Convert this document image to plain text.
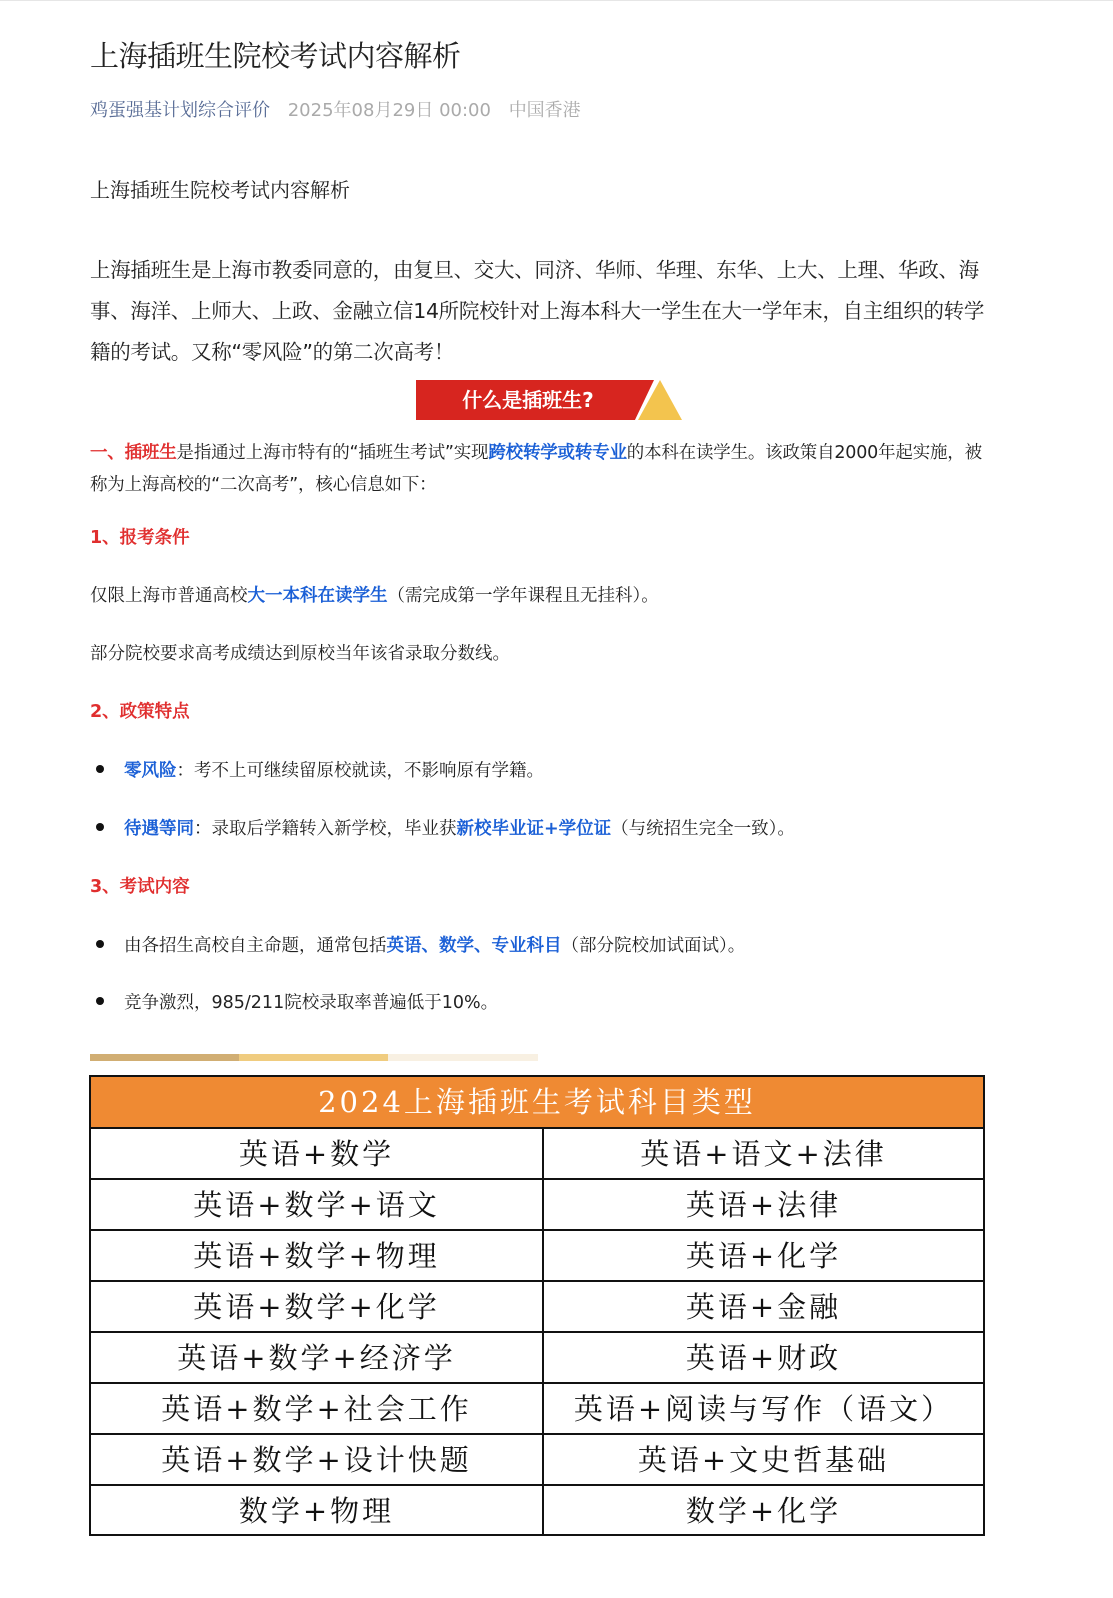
上海插班生院校考试内容解析
鸡蛋强基计划综合评价 2025年08月29日 00:00 中国香港
上海插班生院校考试内容解析
上海插班生是上海市教委同意的，由复旦、交大、同济、华师、华理、东华、上大、上理、华政、海事、海洋、上师大、上政、金融立信14所院校针对上海本科大一学生在大一学年末，自主组织的转学籍的考试。又称“零风险”的第二次高考！
什么是插班生?
一、插班生是指通过上海市特有的“插班生考试”实现跨校转学或转专业的本科在读学生。该政策自2000年起实施，被称为上海高校的“二次高考”，核心信息如下：
1、报考条件
仅限上海市普通高校大一本科在读学生（需完成第一学年课程且无挂科）。
部分院校要求高考成绩达到原校当年该省录取分数线。
2、政策特点
零风险：考不上可继续留原校就读，不影响原有学籍。
待遇等同：录取后学籍转入新学校，毕业获新校毕业证+学位证（与统招生完全一致）。
3、考试内容
由各招生高校自主命题，通常包括英语、数学、专业科目（部分院校加试面试）。
竞争激烈，985/211院校录取率普遍低于10%。
2024上海插班生考试科目类型
英语+数学	英语+语文+法律
英语+数学+语文	英语+法律
英语+数学+物理	英语+化学
英语+数学+化学	英语+金融
英语+数学+经济学	英语+财政
英语+数学+社会工作	英语+阅读与写作（语文）
英语+数学+设计快题	英语+文史哲基础
数学+物理	数学+化学
